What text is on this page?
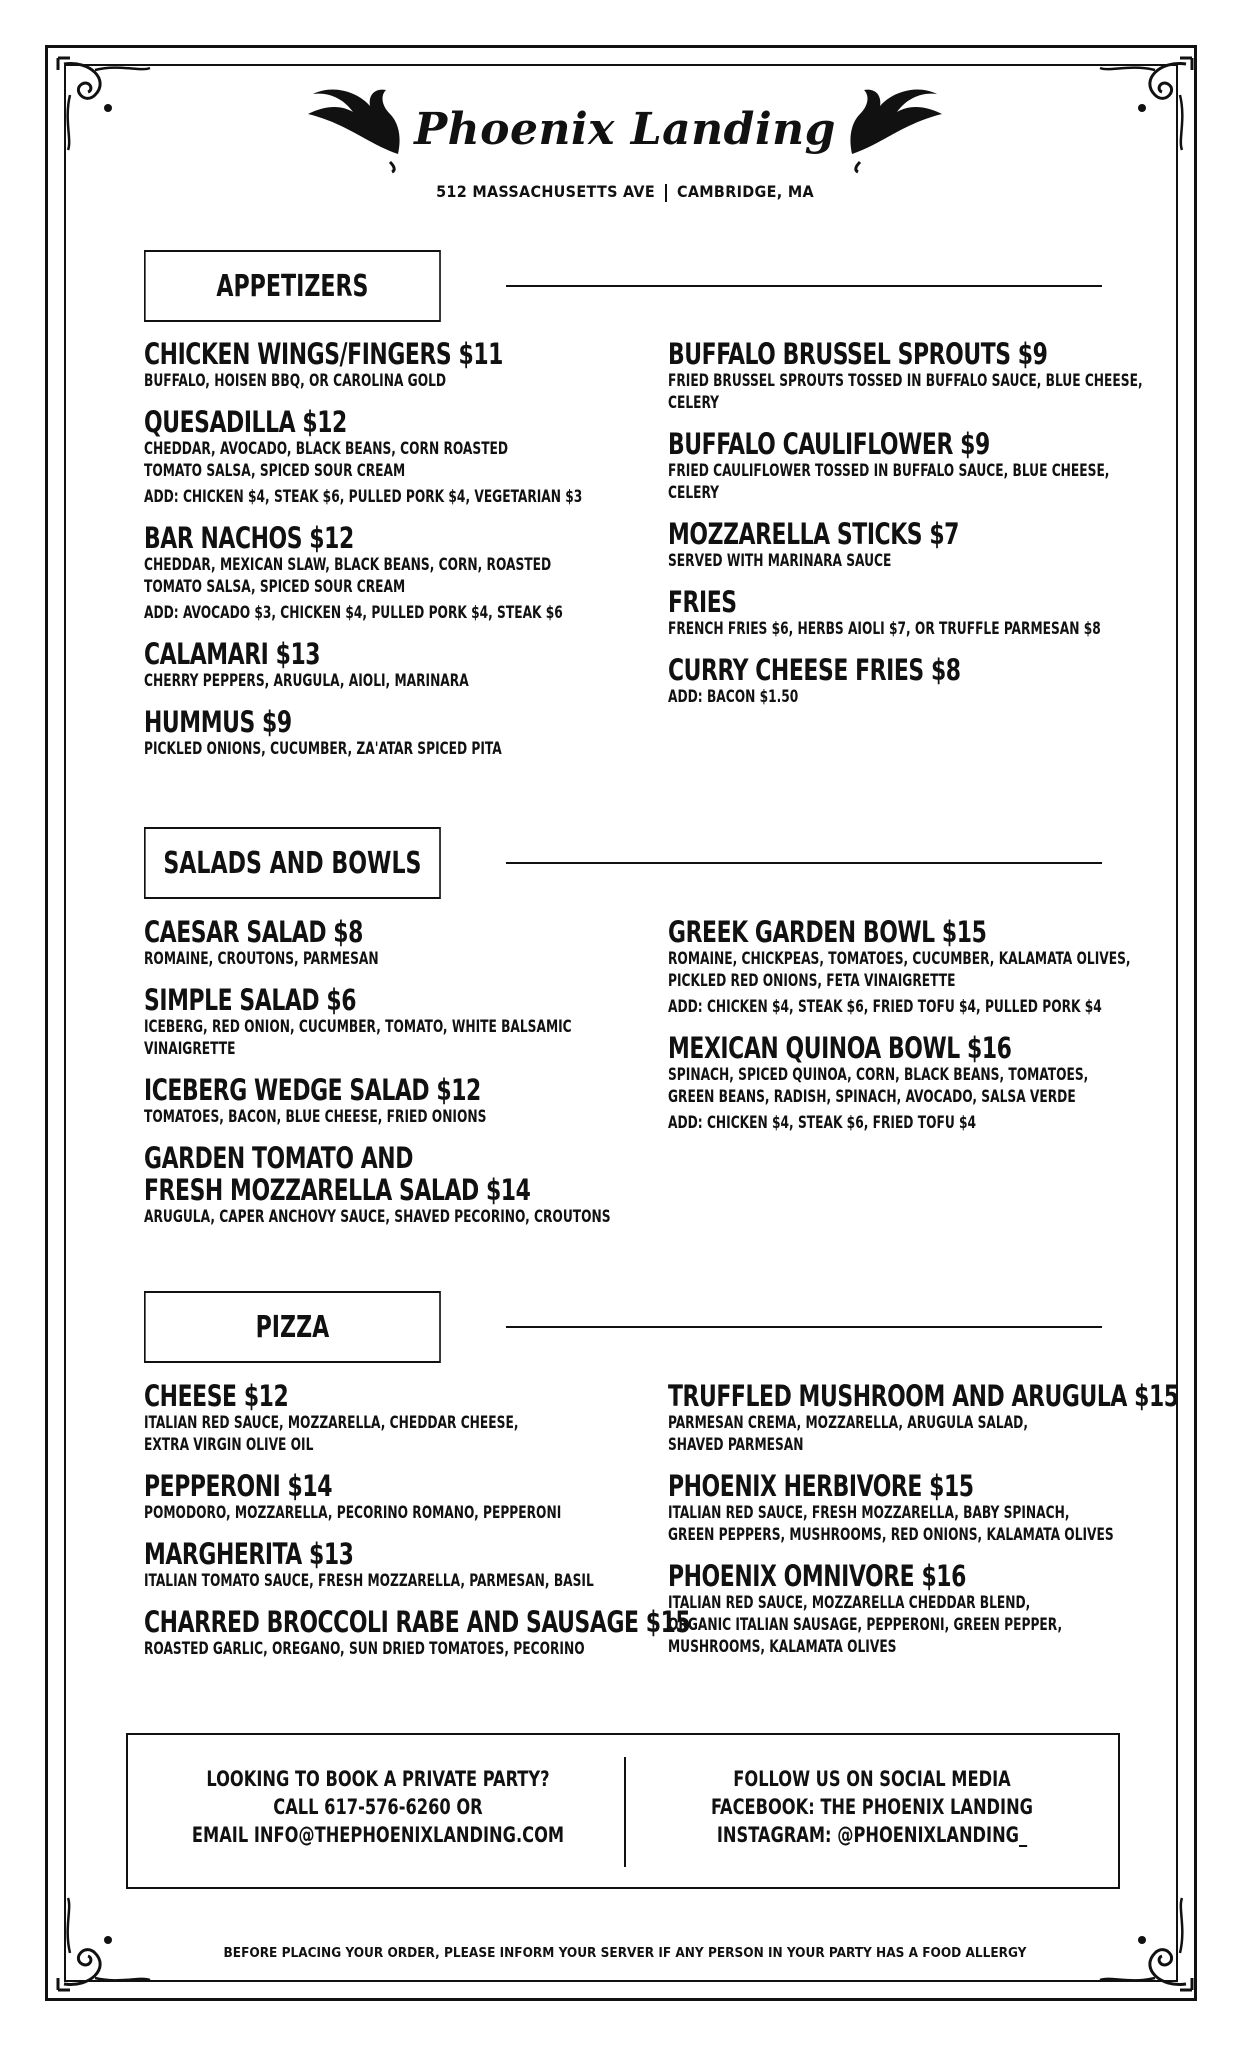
Phoenix Landing
512 MASSACHUSETTS AVE CAMBRIDGE, MA
APPETIZERS
CHICKEN WINGS/FINGERS $11
BUFFALO, HOISEN BBQ, OR CAROLINA GOLD
QUESADILLA $12
CHEDDAR, AVOCADO, BLACK BEANS, CORN ROASTED
TOMATO SALSA, SPICED SOUR CREAM
ADD: CHICKEN $4, STEAK $6, PULLED PORK $4, VEGETARIAN $3
BAR NACHOS $12
CHEDDAR, MEXICAN SLAW, BLACK BEANS, CORN, ROASTED
TOMATO SALSA, SPICED SOUR CREAM
ADD: AVOCADO $3, CHICKEN $4, PULLED PORK $4, STEAK $6
CALAMARI $13
CHERRY PEPPERS, ARUGULA, AIOLI, MARINARA
HUMMUS $9
PICKLED ONIONS, CUCUMBER, ZA'ATAR SPICED PITA
BUFFALO BRUSSEL SPROUTS $9
FRIED BRUSSEL SPROUTS TOSSED IN BUFFALO SAUCE, BLUE CHEESE,
CELERY
BUFFALO CAULIFLOWER $9
FRIED CAULIFLOWER TOSSED IN BUFFALO SAUCE, BLUE CHEESE,
CELERY
MOZZARELLA STICKS $7
SERVED WITH MARINARA SAUCE
FRIES
FRENCH FRIES $6, HERBS AIOLI $7, OR TRUFFLE PARMESAN $8
CURRY CHEESE FRIES $8
ADD: BACON $1.50
SALADS AND BOWLS
CAESAR SALAD $8
ROMAINE, CROUTONS, PARMESAN
SIMPLE SALAD $6
ICEBERG, RED ONION, CUCUMBER, TOMATO, WHITE BALSAMIC
VINAIGRETTE
ICEBERG WEDGE SALAD $12
TOMATOES, BACON, BLUE CHEESE, FRIED ONIONS
GARDEN TOMATO AND
FRESH MOZZARELLA SALAD $14
ARUGULA, CAPER ANCHOVY SAUCE, SHAVED PECORINO, CROUTONS
GREEK GARDEN BOWL $15
ROMAINE, CHICKPEAS, TOMATOES, CUCUMBER, KALAMATA OLIVES,
PICKLED RED ONIONS, FETA VINAIGRETTE
ADD: CHICKEN $4, STEAK $6, FRIED TOFU $4, PULLED PORK $4
MEXICAN QUINOA BOWL $16
SPINACH, SPICED QUINOA, CORN, BLACK BEANS, TOMATOES,
GREEN BEANS, RADISH, SPINACH, AVOCADO, SALSA VERDE
ADD: CHICKEN $4, STEAK $6, FRIED TOFU $4
PIZZA
CHEESE $12
ITALIAN RED SAUCE, MOZZARELLA, CHEDDAR CHEESE,
EXTRA VIRGIN OLIVE OIL
PEPPERONI $14
POMODORO, MOZZARELLA, PECORINO ROMANO, PEPPERONI
MARGHERITA $13
ITALIAN TOMATO SAUCE, FRESH MOZZARELLA, PARMESAN, BASIL
CHARRED BROCCOLI RABE AND SAUSAGE $15
ROASTED GARLIC, OREGANO, SUN DRIED TOMATOES, PECORINO
TRUFFLED MUSHROOM AND ARUGULA $15
PARMESAN CREMA, MOZZARELLA, ARUGULA SALAD,
SHAVED PARMESAN
PHOENIX HERBIVORE $15
ITALIAN RED SAUCE, FRESH MOZZARELLA, BABY SPINACH,
GREEN PEPPERS, MUSHROOMS, RED ONIONS, KALAMATA OLIVES
PHOENIX OMNIVORE $16
ITALIAN RED SAUCE, MOZZARELLA CHEDDAR BLEND,
ORGANIC ITALIAN SAUSAGE, PEPPERONI, GREEN PEPPER,
MUSHROOMS, KALAMATA OLIVES
LOOKING TO BOOK A PRIVATE PARTY?
CALL 617-576-6260 OR
EMAIL INFO@THEPHOENIXLANDING.COM
FOLLOW US ON SOCIAL MEDIA
FACEBOOK: THE PHOENIX LANDING
INSTAGRAM: @PHOENIXLANDING_
BEFORE PLACING YOUR ORDER, PLEASE INFORM YOUR SERVER IF ANY PERSON IN YOUR PARTY HAS A FOOD ALLERGY
